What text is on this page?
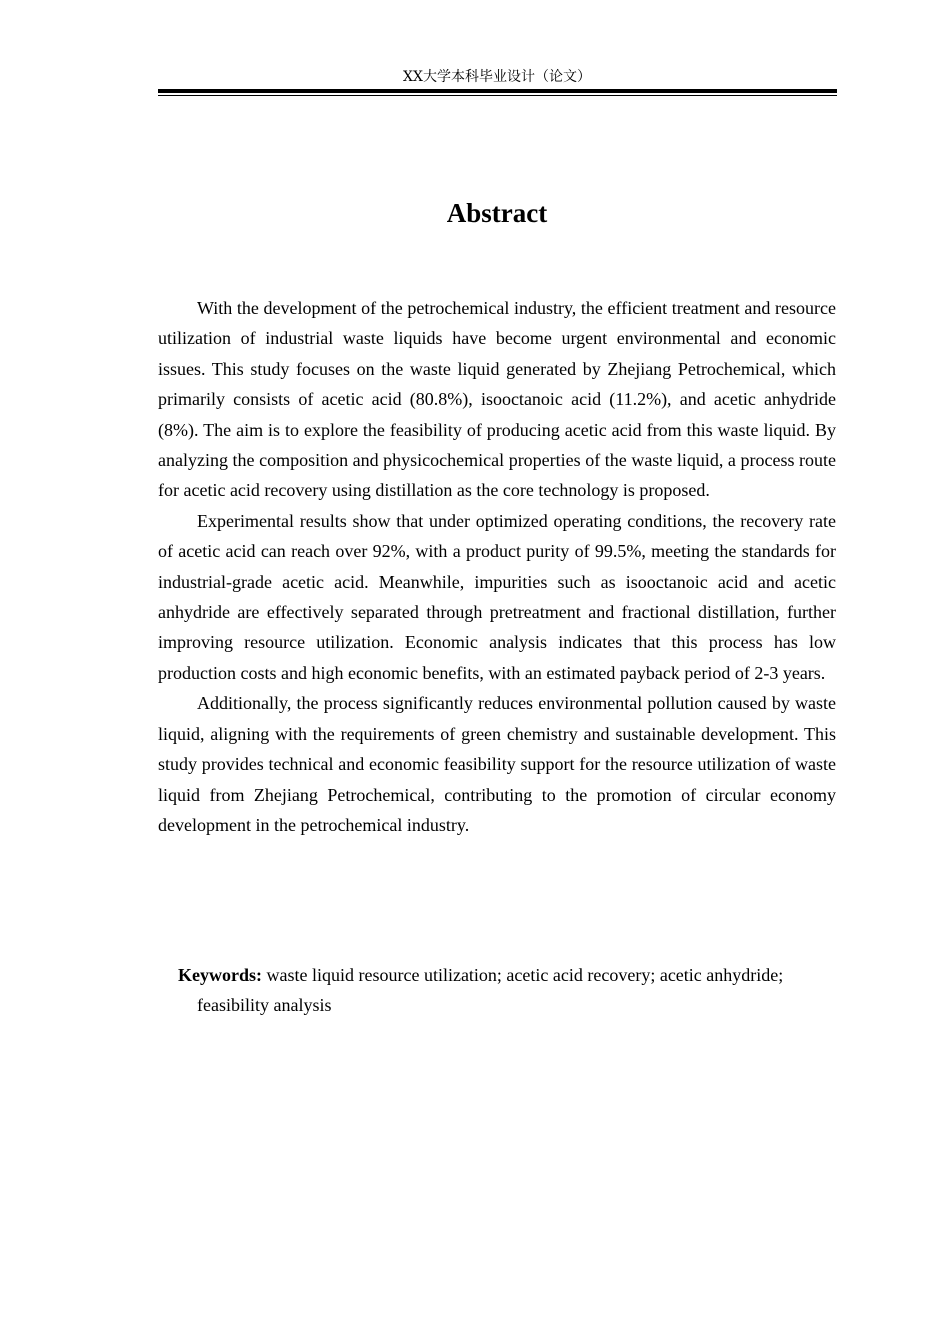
XX大学本科毕业设计（论文）
Abstract

With the development of the petrochemical industry, the efficient treatment and resource utilization of industrial waste liquids have become urgent environmental and economic issues. This study focuses on the waste liquid generated by Zhejiang Petrochemical, which primarily consists of acetic acid (80.8%), isooctanoic acid (11.2%), and acetic anhydride (8%). The aim is to explore the feasibility of producing acetic acid from this waste liquid. By analyzing the composition and physicochemical properties of the waste liquid, a process route for acetic acid recovery using distillation as the core technology is proposed.

Experimental results show that under optimized operating conditions, the recovery rate of acetic acid can reach over 92%, with a product purity of 99.5%, meeting the standards for industrial-grade acetic acid. Meanwhile, impurities such as isooctanoic acid and acetic anhydride are effectively separated through pretreatment and fractional distillation, further improving resource utilization. Economic analysis indicates that this process has low production costs and high economic benefits, with an estimated payback period of 2-3 years.

Additionally, the process significantly reduces environmental pollution caused by waste liquid, aligning with the requirements of green chemistry and sustainable development. This study provides technical and economic feasibility support for the resource utilization of waste liquid from Zhejiang Petrochemical, contributing to the promotion of circular economy development in the petrochemical industry.

Keywords: waste liquid resource utilization; acetic acid recovery; acetic anhydride; feasibility analysis
